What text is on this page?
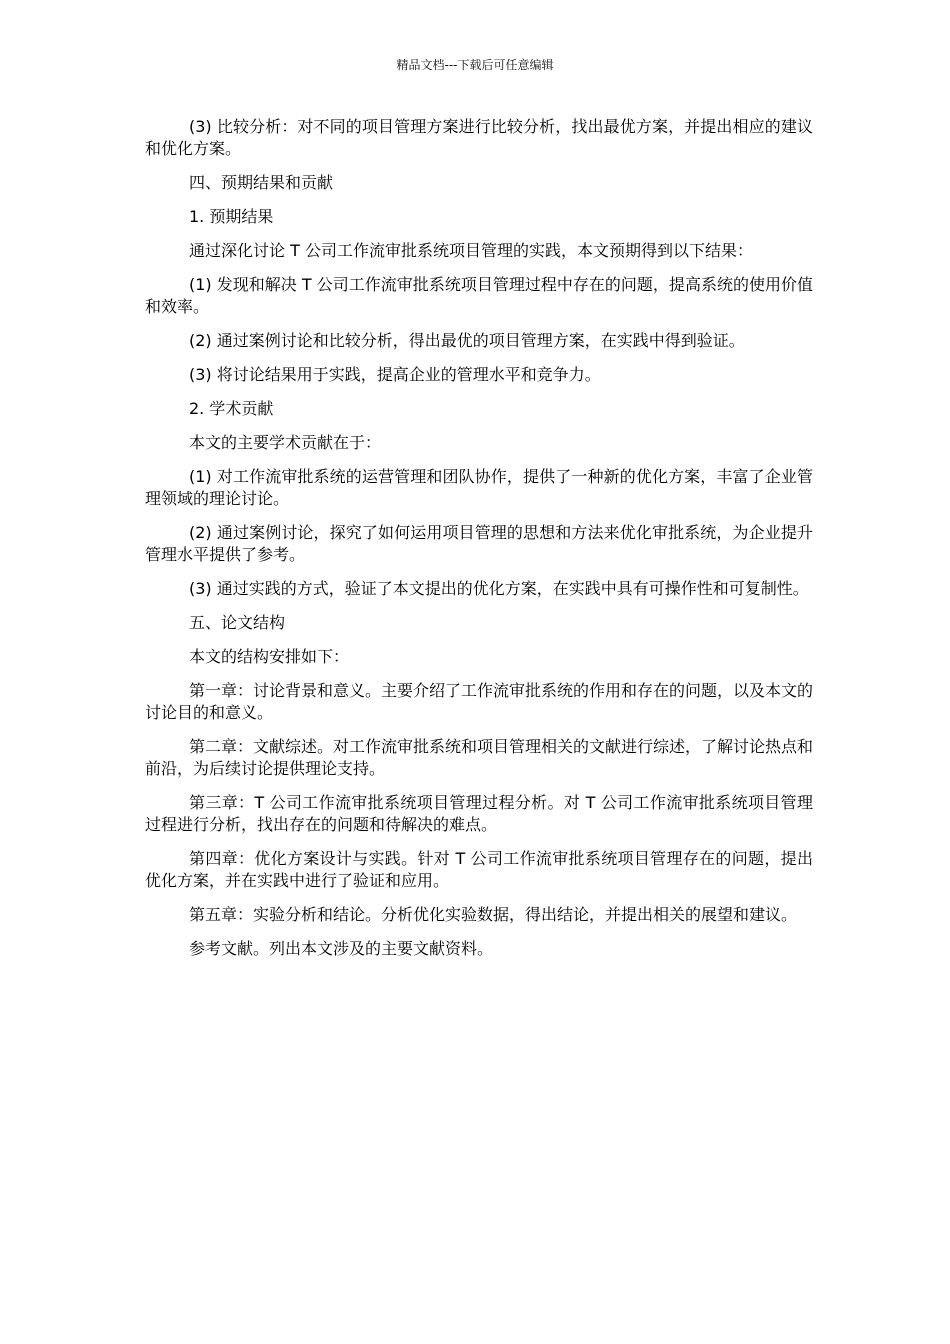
精品文档---下载后可任意编辑

(3) 比较分析：对不同的项目管理方案进行比较分析，找出最优方案，并提出相应的建议和优化方案。

四、预期结果和贡献

1. 预期结果

通过深化讨论 T 公司工作流审批系统项目管理的实践，本文预期得到以下结果：

(1) 发现和解决 T 公司工作流审批系统项目管理过程中存在的问题，提高系统的使用价值和效率。

(2) 通过案例讨论和比较分析，得出最优的项目管理方案，在实践中得到验证。

(3) 将讨论结果用于实践，提高企业的管理水平和竞争力。

2. 学术贡献

本文的主要学术贡献在于：

(1) 对工作流审批系统的运营管理和团队协作，提供了一种新的优化方案，丰富了企业管理领域的理论讨论。

(2) 通过案例讨论，探究了如何运用项目管理的思想和方法来优化审批系统，为企业提升管理水平提供了参考。

(3) 通过实践的方式，验证了本文提出的优化方案，在实践中具有可操作性和可复制性。

五、论文结构

本文的结构安排如下：

第一章：讨论背景和意义。主要介绍了工作流审批系统的作用和存在的问题，以及本文的讨论目的和意义。

第二章：文献综述。对工作流审批系统和项目管理相关的文献进行综述，了解讨论热点和前沿，为后续讨论提供理论支持。

第三章：T 公司工作流审批系统项目管理过程分析。对 T 公司工作流审批系统项目管理过程进行分析，找出存在的问题和待解决的难点。

第四章：优化方案设计与实践。针对 T 公司工作流审批系统项目管理存在的问题，提出优化方案，并在实践中进行了验证和应用。

第五章：实验分析和结论。分析优化实验数据，得出结论，并提出相关的展望和建议。

参考文献。列出本文涉及的主要文献资料。
